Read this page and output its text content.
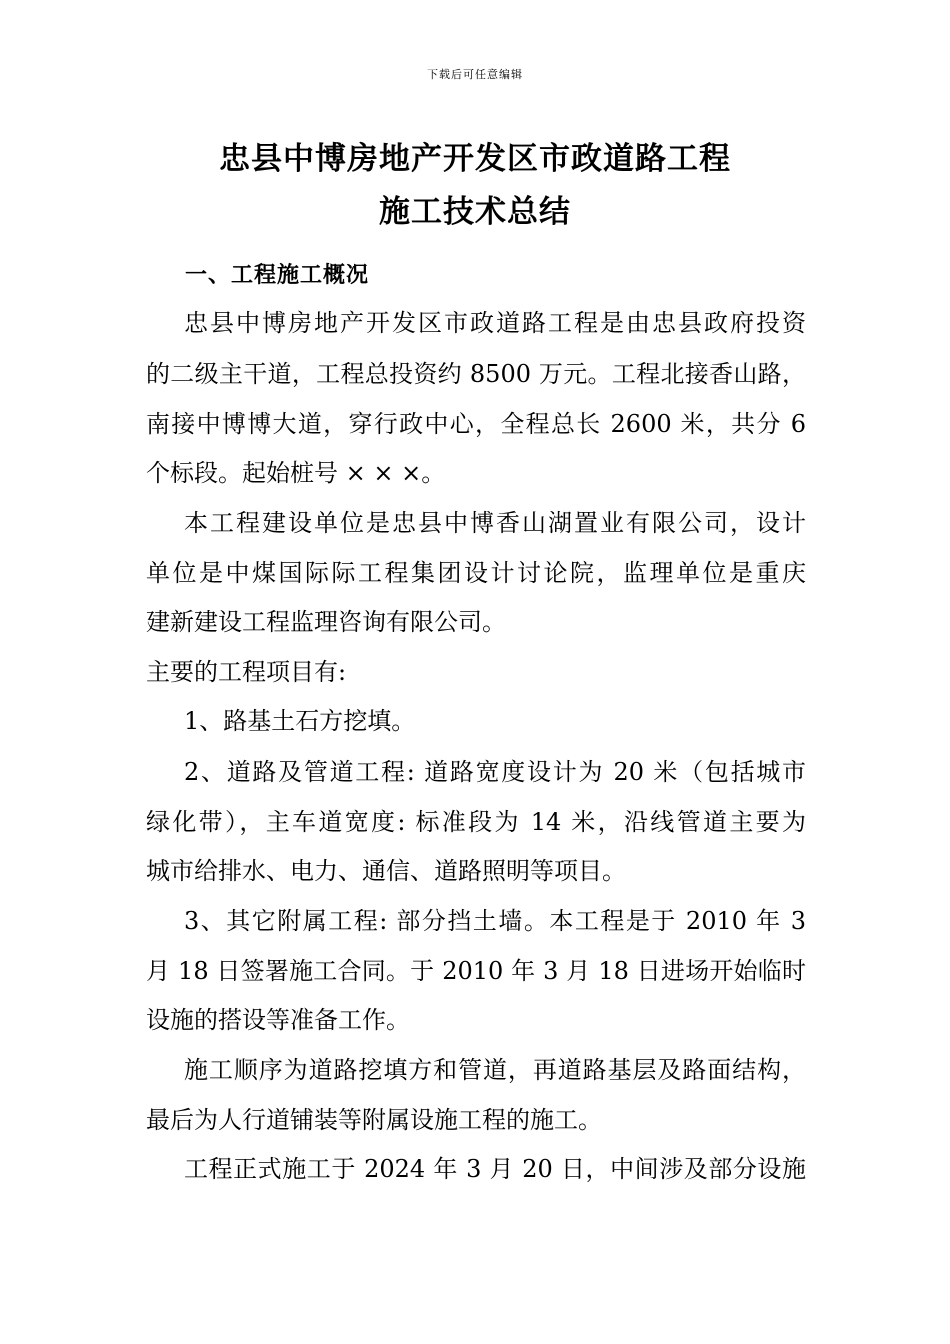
下载后可任意编辑
忠县中博房地产开发区市政道路工程
施工技术总结
一、工程施工概况
忠县中博房地产开发区市政道路工程是由忠县政府投资
的二级主干道，工程总投资约 8500 万元。工程北接香山路，
南接中博博大道，穿行政中心，全程总长 2600 米，共分 6
个标段。起始桩号 × × ×。
本工程建设单位是忠县中博香山湖置业有限公司，设计
单位是中煤国际际工程集团设计讨论院，监理单位是重庆
建新建设工程监理咨询有限公司。
主要的工程项目有:
1、路基土石方挖填。
2、道路及管道工程: 道路宽度设计为 20 米（包括城市
绿化带），主车道宽度: 标准段为 14 米，沿线管道主要为
城市给排水、电力、通信、道路照明等项目。
3、其它附属工程: 部分挡土墙。本工程是于 2010 年 3
月 18 日签署施工合同。于 2010 年 3 月 18 日进场开始临时
设施的搭设等准备工作。
施工顺序为道路挖填方和管道，再道路基层及路面结构，
最后为人行道铺装等附属设施工程的施工。
工程正式施工于 2024 年 3 月 20 日，中间涉及部分设施
